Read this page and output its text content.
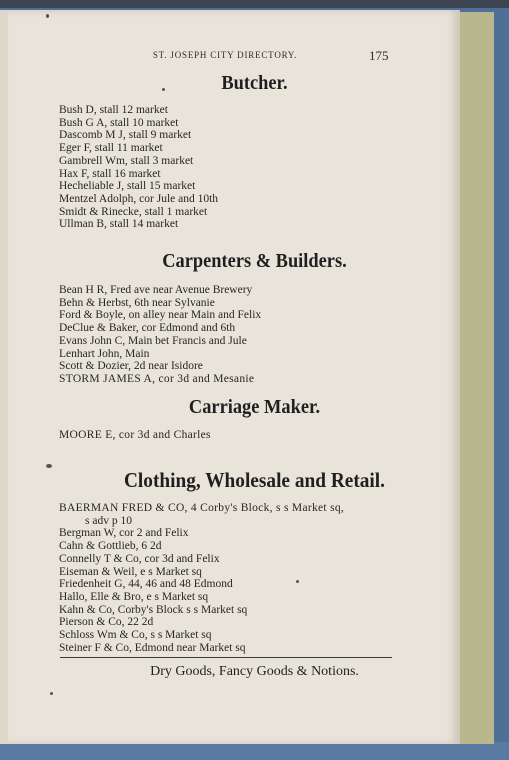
ST. JOSEPH CITY DIRECTORY.	175
Butcher.
Bush D, stall 12 market
Bush G A, stall 10 market
Dascomb M J, stall 9 market
Eger F, stall 11 market
Gambrell Wm, stall 3 market
Hax F, stall 16 market
Hecheliable J, stall 15 market
Mentzel Adolph, cor Jule and 10th
Smidt & Rinecke, stall 1 market
Ullman B, stall 14 market
Carpenters & Builders.
Bean H R, Fred ave near Avenue Brewery
Behn & Herbst, 6th near Sylvanie
Ford & Boyle, on alley near Main and Felix
DeClue & Baker, cor Edmond and 6th
Evans John C, Main bet Francis and Jule
Lenhart John, Main
Scott & Dozier, 2d near Isidore
STORM JAMES A, cor 3d and Mesanie
Carriage Maker.
MOORE E, cor 3d and Charles
Clothing, Wholesale and Retail.
BAERMAN FRED & CO, 4 Corby's Block, s s Market sq,
s adv p 10
Bergman W, cor 2 and Felix
Cahn & Gottlieb, 6 2d
Connelly T & Co, cor 3d and Felix
Eiseman & Weil, e s Market sq
Friedenheit G, 44, 46 and 48 Edmond
Hallo, Elle & Bro, e s Market sq
Kahn & Co, Corby's Block s s Market sq
Pierson & Co, 22 2d
Schloss Wm & Co, s s Market sq
Steiner F & Co, Edmond near Market sq
Dry Goods, Fancy Goods & Notions.
